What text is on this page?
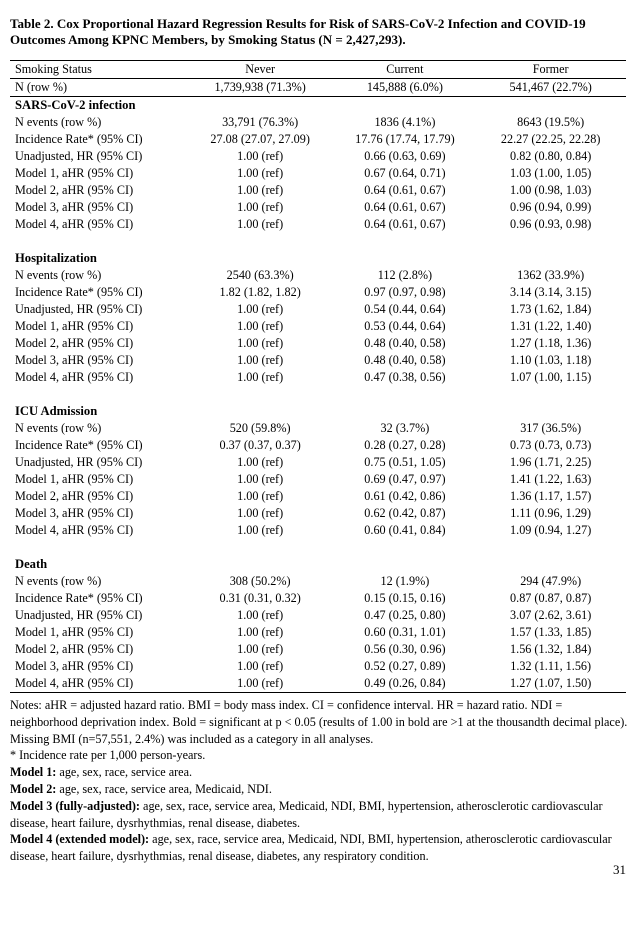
Table 2. Cox Proportional Hazard Regression Results for Risk of SARS-CoV-2 Infection and COVID-19 Outcomes Among KPNC Members, by Smoking Status (N = 2,427,293).
Smoking Status	Never	Current	Former
N (row %)	1,739,938 (71.3%)	145,888 (6.0%)	541,467 (22.7%)
SARS-CoV-2 infection			
N events (row %)	33,791 (76.3%)	1836 (4.1%)	8643 (19.5%)
Incidence Rate* (95% CI)	27.08 (27.07, 27.09)	17.76 (17.74, 17.79)	22.27 (22.25, 22.28)
Unadjusted, HR (95% CI)	1.00 (ref)	0.66 (0.63, 0.69)	0.82 (0.80, 0.84)
Model 1, aHR (95% CI)	1.00 (ref)	0.67 (0.64, 0.71)	1.03 (1.00, 1.05)
Model 2, aHR (95% CI)	1.00 (ref)	0.64 (0.61, 0.67)	1.00 (0.98, 1.03)
Model 3, aHR (95% CI)	1.00 (ref)	0.64 (0.61, 0.67)	0.96 (0.94, 0.99)
Model 4, aHR (95% CI)	1.00 (ref)	0.64 (0.61, 0.67)	0.96 (0.93, 0.98)

Hospitalization			
N events (row %)	2540 (63.3%)	112 (2.8%)	1362 (33.9%)
Incidence Rate* (95% CI)	1.82 (1.82, 1.82)	0.97 (0.97, 0.98)	3.14 (3.14, 3.15)
Unadjusted, HR (95% CI)	1.00 (ref)	0.54 (0.44, 0.64)	1.73 (1.62, 1.84)
Model 1, aHR (95% CI)	1.00 (ref)	0.53 (0.44, 0.64)	1.31 (1.22, 1.40)
Model 2, aHR (95% CI)	1.00 (ref)	0.48 (0.40, 0.58)	1.27 (1.18, 1.36)
Model 3, aHR (95% CI)	1.00 (ref)	0.48 (0.40, 0.58)	1.10 (1.03, 1.18)
Model 4, aHR (95% CI)	1.00 (ref)	0.47 (0.38, 0.56)	1.07 (1.00, 1.15)

ICU Admission			
N events (row %)	520 (59.8%)	32 (3.7%)	317 (36.5%)
Incidence Rate* (95% CI)	0.37 (0.37, 0.37)	0.28 (0.27, 0.28)	0.73 (0.73, 0.73)
Unadjusted, HR (95% CI)	1.00 (ref)	0.75 (0.51, 1.05)	1.96 (1.71, 2.25)
Model 1, aHR (95% CI)	1.00 (ref)	0.69 (0.47, 0.97)	1.41 (1.22, 1.63)
Model 2, aHR (95% CI)	1.00 (ref)	0.61 (0.42, 0.86)	1.36 (1.17, 1.57)
Model 3, aHR (95% CI)	1.00 (ref)	0.62 (0.42, 0.87)	1.11 (0.96, 1.29)
Model 4, aHR (95% CI)	1.00 (ref)	0.60 (0.41, 0.84)	1.09 (0.94, 1.27)

Death			
N events (row %)	308 (50.2%)	12 (1.9%)	294 (47.9%)
Incidence Rate* (95% CI)	0.31 (0.31, 0.32)	0.15 (0.15, 0.16)	0.87 (0.87, 0.87)
Unadjusted, HR (95% CI)	1.00 (ref)	0.47 (0.25, 0.80)	3.07 (2.62, 3.61)
Model 1, aHR (95% CI)	1.00 (ref)	0.60 (0.31, 1.01)	1.57 (1.33, 1.85)
Model 2, aHR (95% CI)	1.00 (ref)	0.56 (0.30, 0.96)	1.56 (1.32, 1.84)
Model 3, aHR (95% CI)	1.00 (ref)	0.52 (0.27, 0.89)	1.32 (1.11, 1.56)
Model 4, aHR (95% CI)	1.00 (ref)	0.49 (0.26, 0.84)	1.27 (1.07, 1.50)

Notes: aHR = adjusted hazard ratio. BMI = body mass index. CI = confidence interval. HR = hazard ratio. NDI = neighborhood deprivation index. Bold = significant at p < 0.05 (results of 1.00 in bold are >1 at the thousandth decimal place). Missing BMI (n=57,551, 2.4%) was included as a category in all analyses.

* Incidence rate per 1,000 person-years.

Model 1: age, sex, race, service area.

Model 2: age, sex, race, service area, Medicaid, NDI.

Model 3 (fully-adjusted): age, sex, race, service area, Medicaid, NDI, BMI, hypertension, atherosclerotic cardiovascular disease, heart failure, dysrhythmias, renal disease, diabetes.

Model 4 (extended model): age, sex, race, service area, Medicaid, NDI, BMI, hypertension, atherosclerotic cardiovascular disease, heart failure, dysrhythmias, renal disease, diabetes, any respiratory condition.

31
